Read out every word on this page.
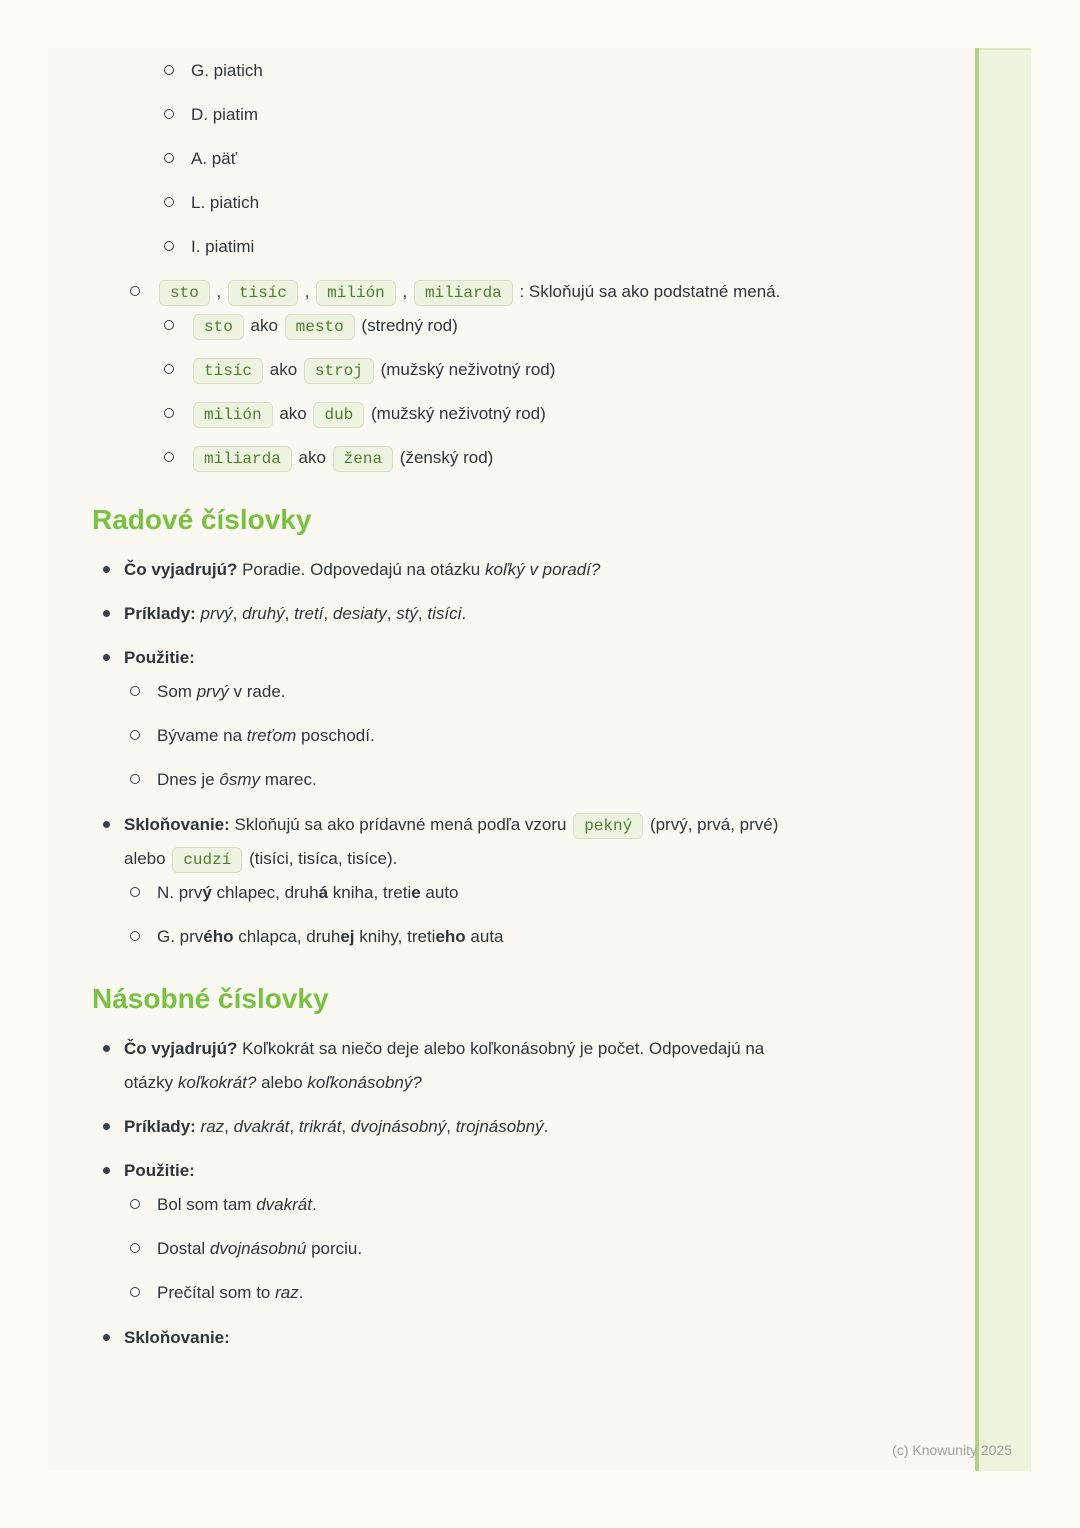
G. piatich
D. piatim
A. päť
L. piatich
I. piatimi
sto , tisíc , milión , miliarda : Skloňujú sa ako podstatné mená.
sto ako mesto (stredný rod)
tisíc ako stroj (mužský neživotný rod)
milión ako dub (mužský neživotný rod)
miliarda ako žena (ženský rod)
Radové číslovky
Čo vyjadrujú? Poradie. Odpovedajú na otázku koľký v poradí?
Príklady: prvý, druhý, tretí, desiaty, stý, tisíci.
Použitie:
Som prvý v rade.
Bývame na treťom poschodí.
Dnes je ôsmy marec.
Skloňovanie: Skloňujú sa ako prídavné mená podľa vzoru pekný (prvý, prvá, prvé) alebo cudzí (tisíci, tisíca, tisíce).
N. prvý chlapec, druhá kniha, tretie auto
G. prvého chlapca, druhej knihy, tretieho auta
Násobné číslovky
Čo vyjadrujú? Koľkokrát sa niečo deje alebo koľkonásobný je počet. Odpovedajú na otázky koľkokrát? alebo koľkonásobný?
Príklady: raz, dvakrát, trikrát, dvojnásobný, trojnásobný.
Použitie:
Bol som tam dvakrát.
Dostal dvojnásobnú porciu.
Prečítal som to raz.
Skloňovanie:
(c) Knowunity 2025
